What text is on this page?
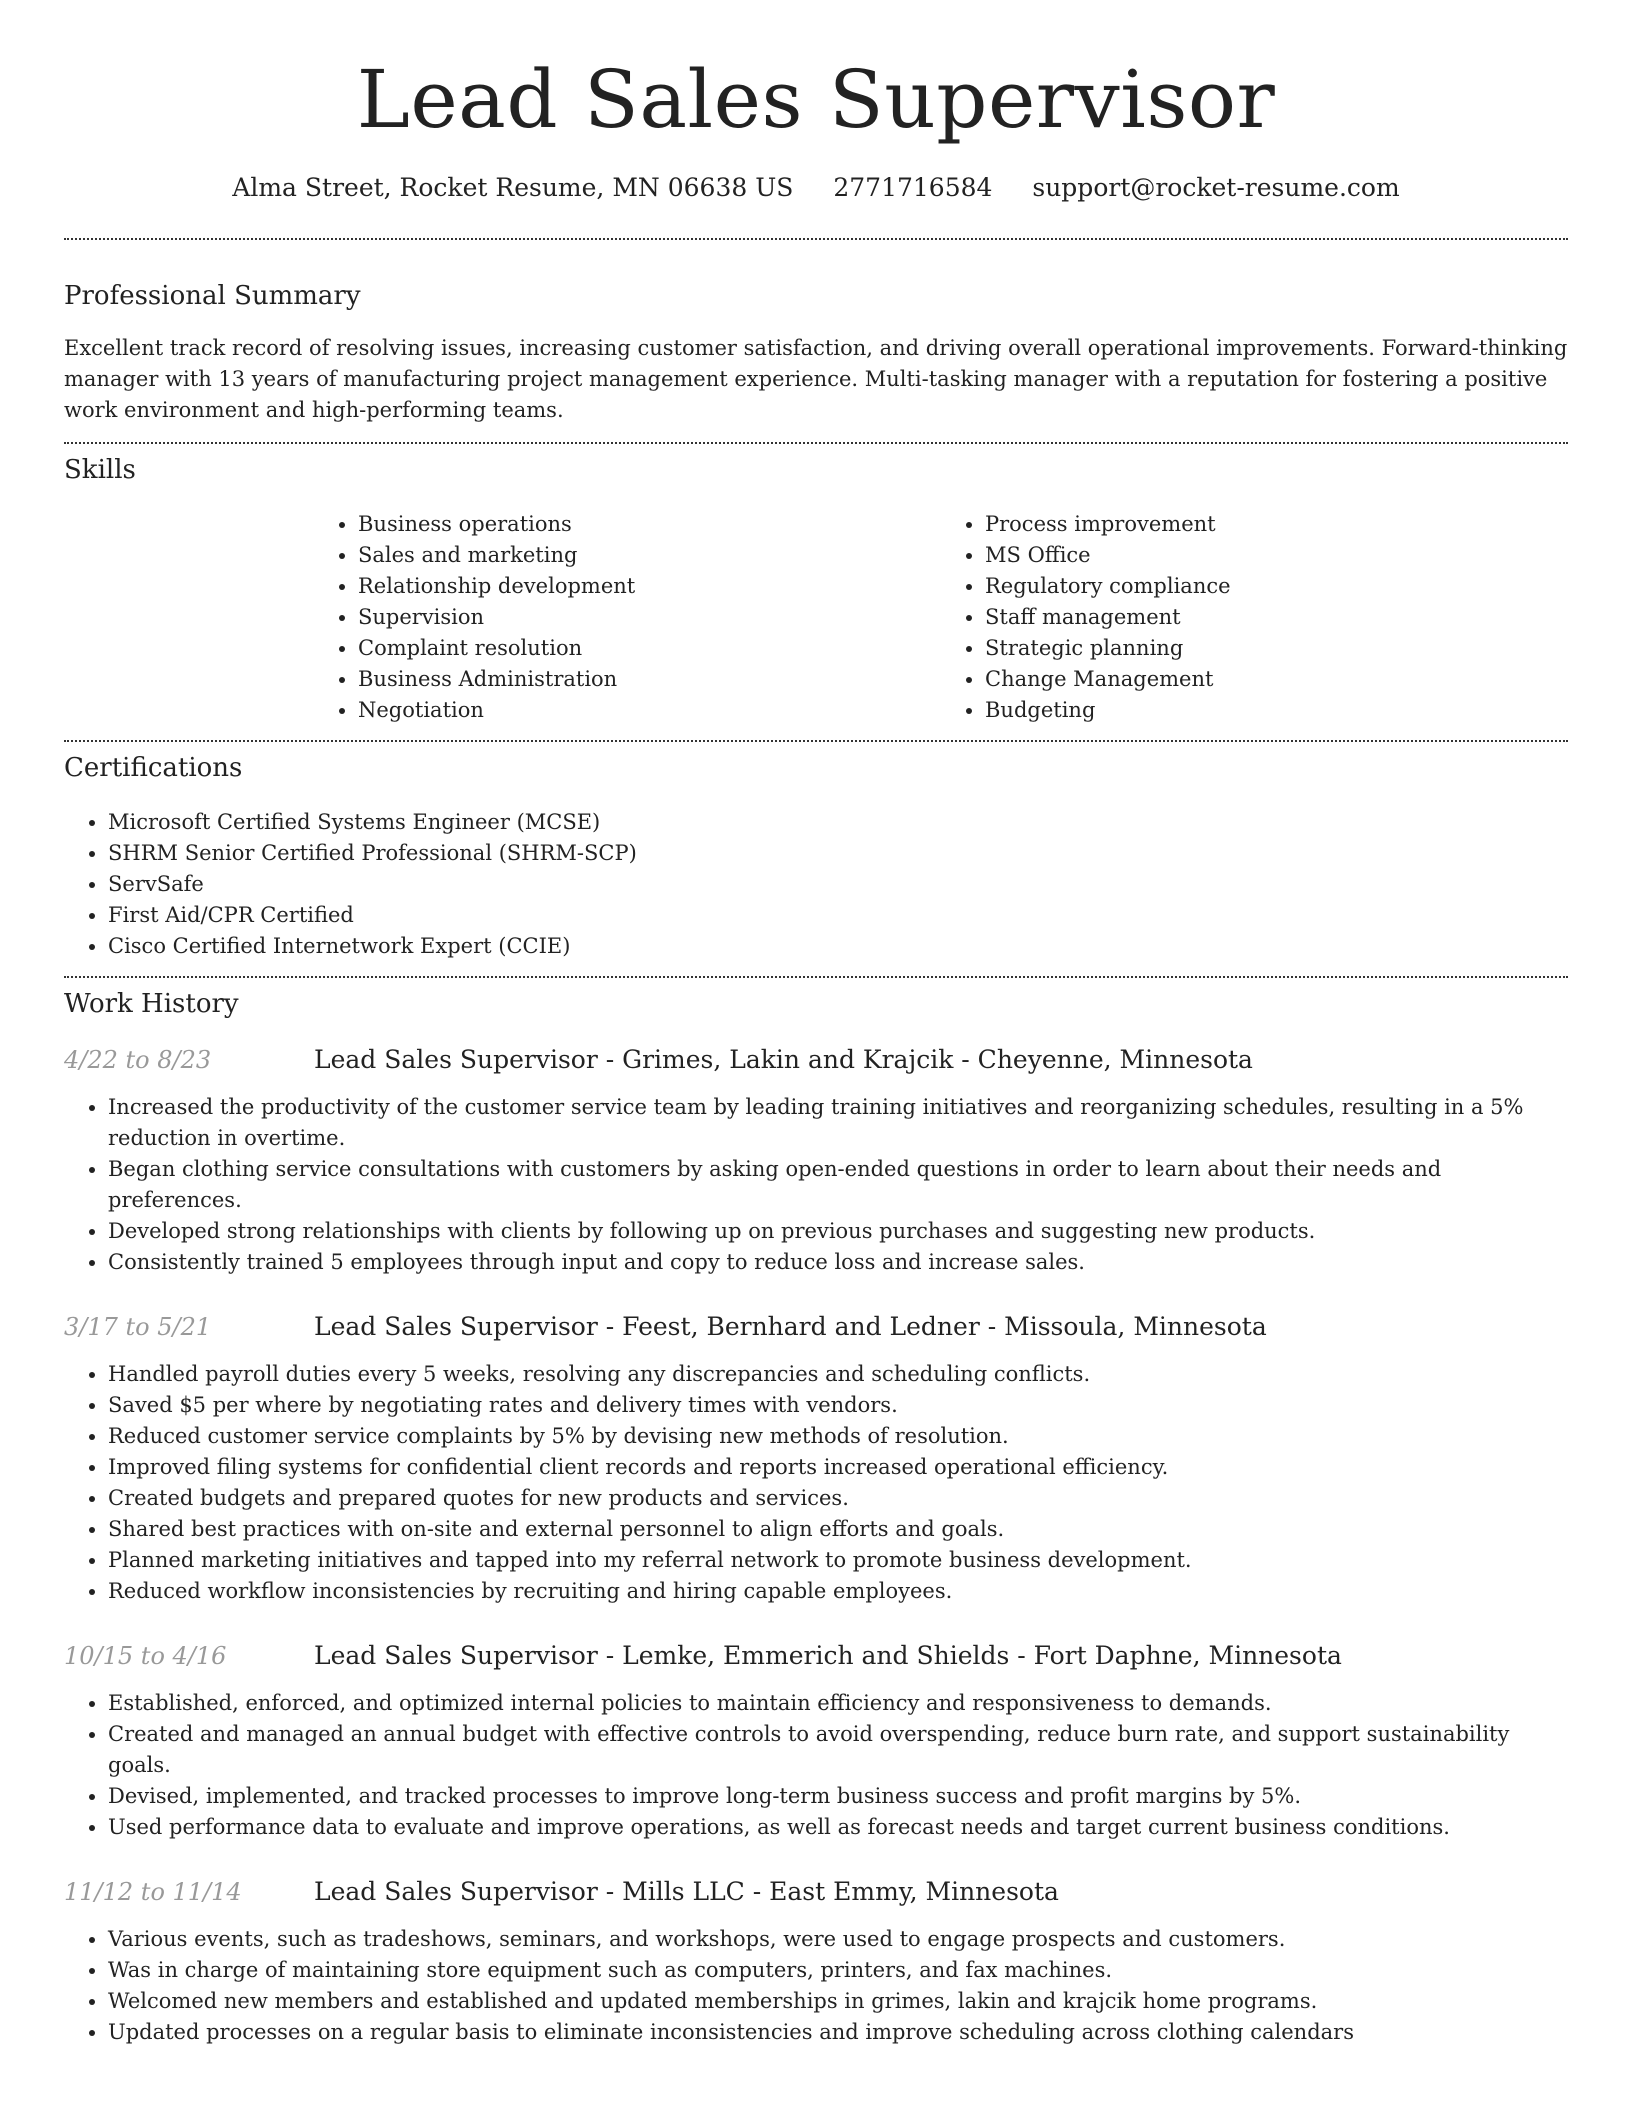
Lead Sales Supervisor
Alma Street, Rocket Resume, MN 06638 US 2771716584 support@rocket-resume.com
Professional Summary

Excellent track record of resolving issues, increasing customer satisfaction, and driving overall operational improvements. Forward-thinking manager with 13 years of manufacturing project management experience. Multi-tasking manager with a reputation for fostering a positive work environment and high-performing teams.

Skills
• Business operations
• Sales and marketing
• Relationship development
• Supervision
• Complaint resolution
• Business Administration
• Negotiation
• Process improvement
• MS Office
• Regulatory compliance
• Staff management
• Strategic planning
• Change Management
• Budgeting
Certifications
• Microsoft Certified Systems Engineer (MCSE)
• SHRM Senior Certified Professional (SHRM-SCP)
• ServSafe
• First Aid/CPR Certified
• Cisco Certified Internetwork Expert (CCIE)
Work History
4/22 to 8/23	Lead Sales Supervisor - Grimes, Lakin and Krajcik - Cheyenne, Minnesota
• Increased the productivity of the customer service team by leading training initiatives and reorganizing schedules, resulting in a 5% reduction in overtime.
• Began clothing service consultations with customers by asking open-ended questions in order to learn about their needs and preferences.
• Developed strong relationships with clients by following up on previous purchases and suggesting new products.
• Consistently trained 5 employees through input and copy to reduce loss and increase sales.
3/17 to 5/21	Lead Sales Supervisor - Feest, Bernhard and Ledner - Missoula, Minnesota
• Handled payroll duties every 5 weeks, resolving any discrepancies and scheduling conflicts.
• Saved $5 per where by negotiating rates and delivery times with vendors.
• Reduced customer service complaints by 5% by devising new methods of resolution.
• Improved filing systems for confidential client records and reports increased operational efficiency.
• Created budgets and prepared quotes for new products and services.
• Shared best practices with on-site and external personnel to align efforts and goals.
• Planned marketing initiatives and tapped into my referral network to promote business development.
• Reduced workflow inconsistencies by recruiting and hiring capable employees.
10/15 to 4/16	Lead Sales Supervisor - Lemke, Emmerich and Shields - Fort Daphne, Minnesota
• Established, enforced, and optimized internal policies to maintain efficiency and responsiveness to demands.
• Created and managed an annual budget with effective controls to avoid overspending, reduce burn rate, and support sustainability goals.
• Devised, implemented, and tracked processes to improve long-term business success and profit margins by 5%.
• Used performance data to evaluate and improve operations, as well as forecast needs and target current business conditions.
11/12 to 11/14	Lead Sales Supervisor - Mills LLC - East Emmy, Minnesota
• Various events, such as tradeshows, seminars, and workshops, were used to engage prospects and customers.
• Was in charge of maintaining store equipment such as computers, printers, and fax machines.
• Welcomed new members and established and updated memberships in grimes, lakin and krajcik home programs.
• Updated processes on a regular basis to eliminate inconsistencies and improve scheduling across clothing calendars
